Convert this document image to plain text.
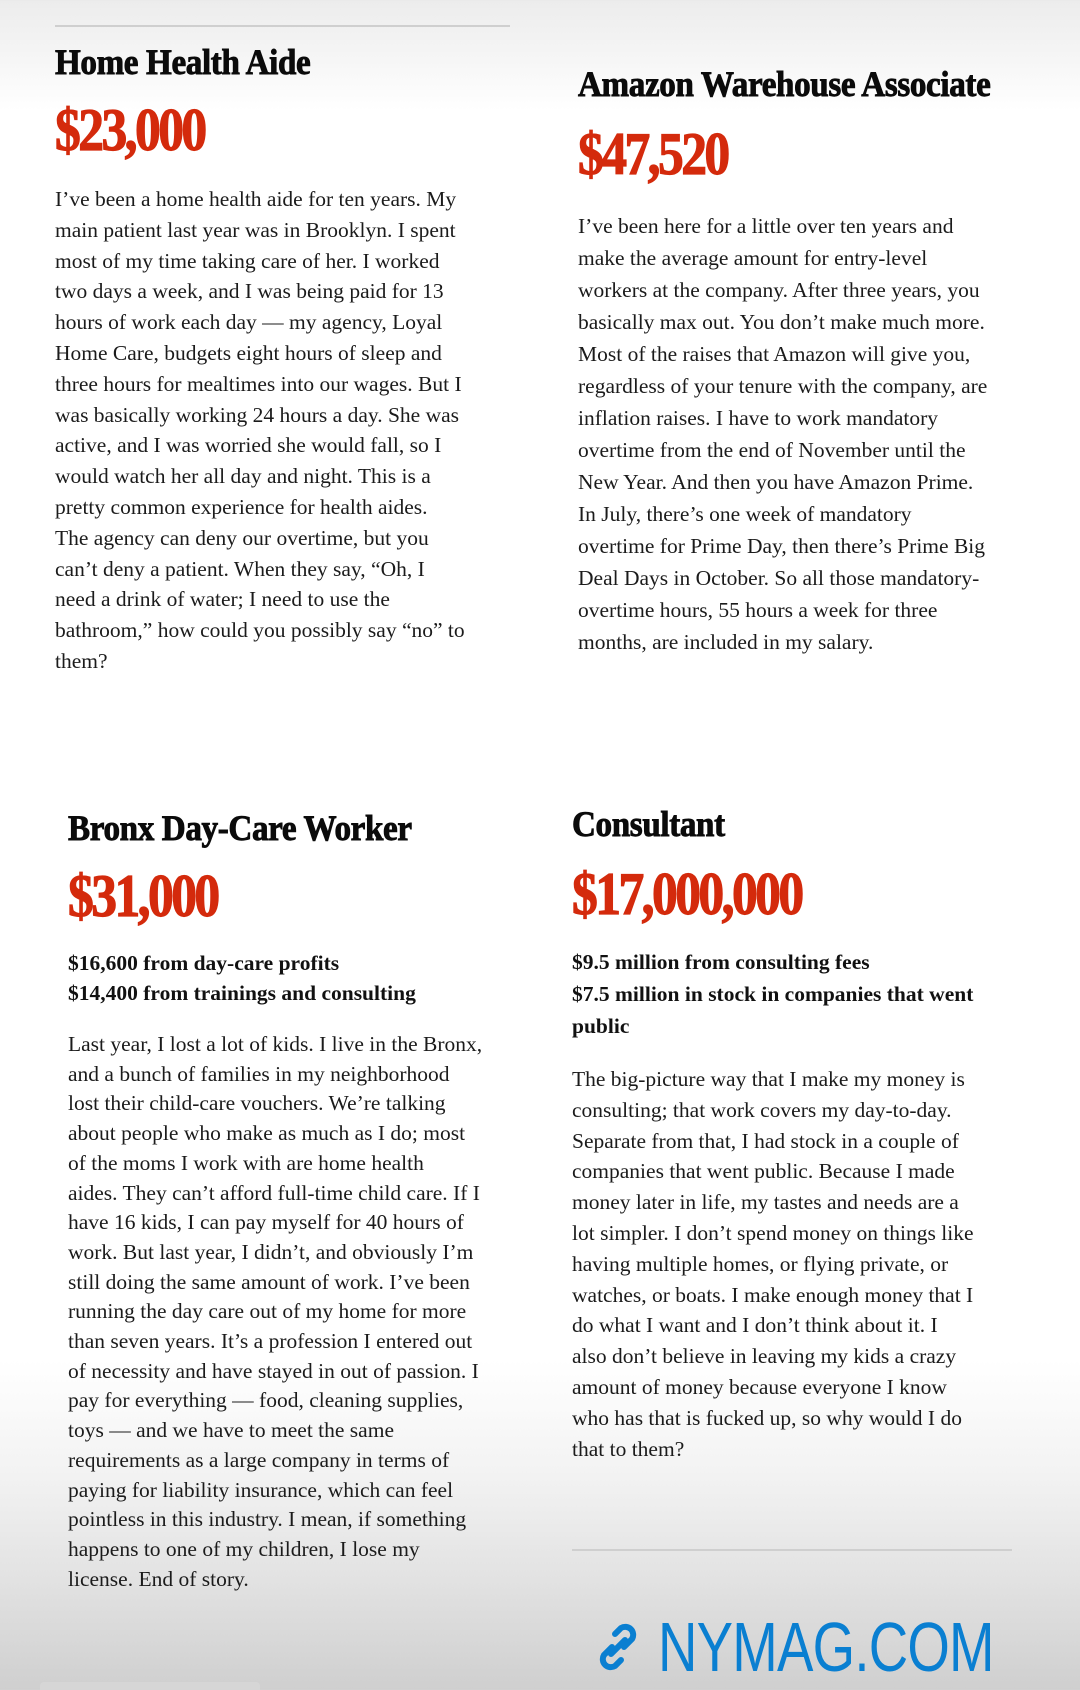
Home Health Aide
$23,000
I’ve been a home health aide for ten years. My
main patient last year was in Brooklyn. I spent
most of my time taking care of her. I worked
two days a week, and I was being paid for 13
hours of work each day — my agency, Loyal
Home Care, budgets eight hours of sleep and
three hours for mealtimes into our wages. But I
was basically working 24 hours a day. She was
active, and I was worried she would fall, so I
would watch her all day and night. This is a
pretty common experience for health aides.
The agency can deny our overtime, but you
can’t deny a patient. When they say, “Oh, I
need a drink of water; I need to use the
bathroom,” how could you possibly say “no” to
them?
Amazon Warehouse Associate
$47,520
I’ve been here for a little over ten years and
make the average amount for entry-level
workers at the company. After three years, you
basically max out. You don’t make much more.
Most of the raises that Amazon will give you,
regardless of your tenure with the company, are
inflation raises. I have to work mandatory
overtime from the end of November until the
New Year. And then you have Amazon Prime.
In July, there’s one week of mandatory
overtime for Prime Day, then there’s Prime Big
Deal Days in October. So all those mandatory-
overtime hours, 55 hours a week for three
months, are included in my salary.
Bronx Day-Care Worker
$31,000
$16,600 from day-care profits
$14,400 from trainings and consulting
Last year, I lost a lot of kids. I live in the Bronx,
and a bunch of families in my neighborhood
lost their child-care vouchers. We’re talking
about people who make as much as I do; most
of the moms I work with are home health
aides. They can’t afford full-time child care. If I
have 16 kids, I can pay myself for 40 hours of
work. But last year, I didn’t, and obviously I’m
still doing the same amount of work. I’ve been
running the day care out of my home for more
than seven years. It’s a profession I entered out
of necessity and have stayed in out of passion. I
pay for everything — food, cleaning supplies,
toys — and we have to meet the same
requirements as a large company in terms of
paying for liability insurance, which can feel
pointless in this industry. I mean, if something
happens to one of my children, I lose my
license. End of story.
Consultant
$17,000,000
$9.5 million from consulting fees
$7.5 million in stock in companies that went public
The big-picture way that I make my money is
consulting; that work covers my day-to-day.
Separate from that, I had stock in a couple of
companies that went public. Because I made
money later in life, my tastes and needs are a
lot simpler. I don’t spend money on things like
having multiple homes, or flying private, or
watches, or boats. I make enough money that I
do what I want and I don’t think about it. I
also don’t believe in leaving my kids a crazy
amount of money because everyone I know
who has that is fucked up, so why would I do
that to them?
NYMAG.COM
